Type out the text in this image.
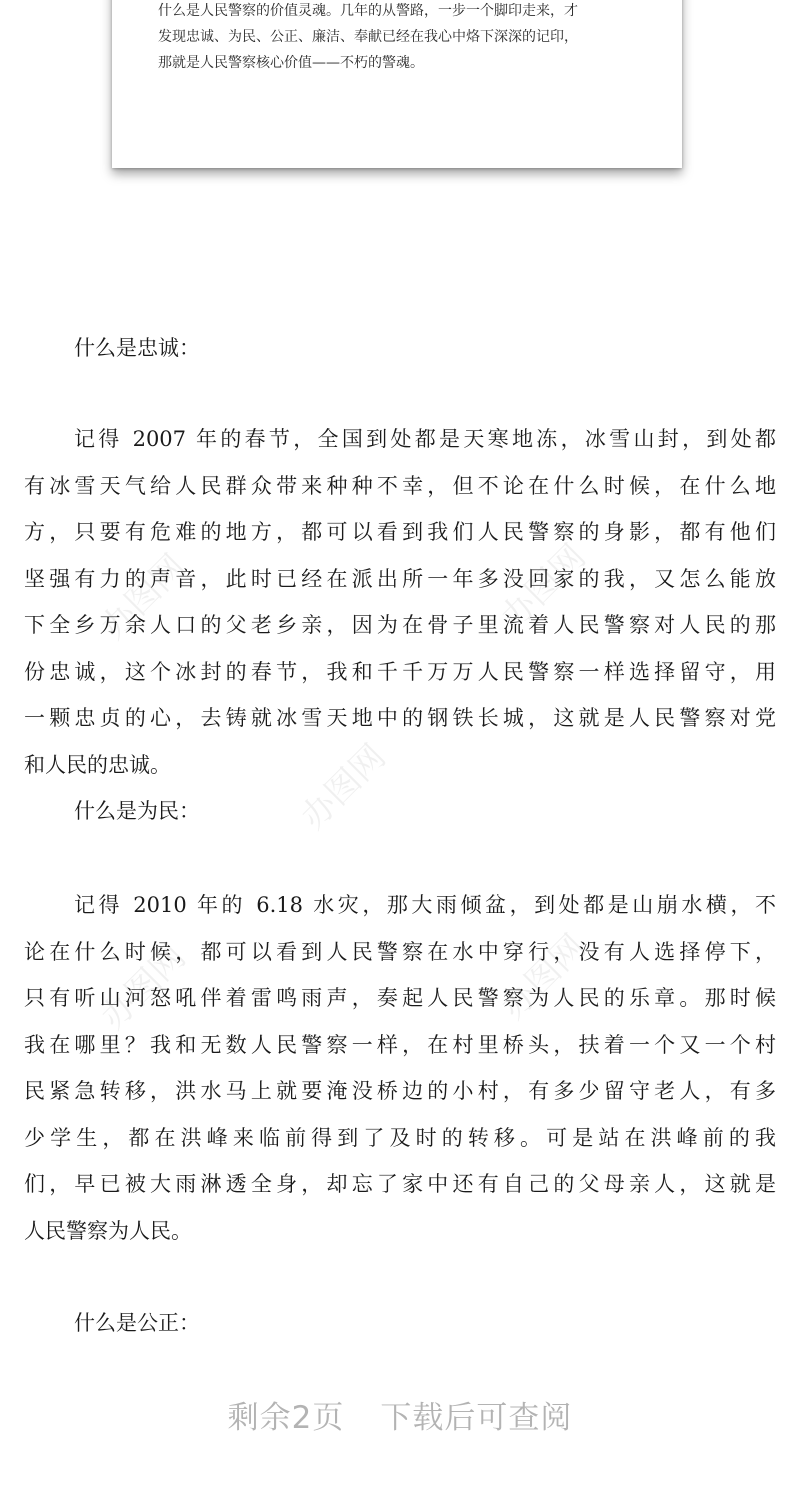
什么是人民警察的价值灵魂。几年的从警路，一步一个脚印走来，才
发现忠诚、为民、公正、廉洁、奉献已经在我心中烙下深深的记印，
那就是人民警察核心价值——不朽的警魂。
办图网
办图网	办图网
办图网	办图网

什么是忠诚：

记得 2007 年的春节，全国到处都是天寒地冻，冰雪山封，到处都
有冰雪天气给人民群众带来种种不幸，但不论在什么时候，在什么地
方，只要有危难的地方，都可以看到我们人民警察的身影，都有他们
坚强有力的声音，此时已经在派出所一年多没回家的我，又怎么能放
下全乡万余人口的父老乡亲，因为在骨子里流着人民警察对人民的那
份忠诚，这个冰封的春节，我和千千万万人民警察一样选择留守，用
一颗忠贞的心，去铸就冰雪天地中的钢铁长城，这就是人民警察对党
和人民的忠诚。

什么是为民：

记得 2010 年的 6.18 水灾，那大雨倾盆，到处都是山崩水横，不
论在什么时候，都可以看到人民警察在水中穿行，没有人选择停下，
只有听山河怒吼伴着雷鸣雨声，奏起人民警察为人民的乐章。那时候
我在哪里？我和无数人民警察一样，在村里桥头，扶着一个又一个村
民紧急转移，洪水马上就要淹没桥边的小村，有多少留守老人，有多
少学生，都在洪峰来临前得到了及时的转移。可是站在洪峰前的我
们，早已被大雨淋透全身，却忘了家中还有自己的父母亲人，这就是
人民警察为人民。

什么是公正：

剩余2页 下载后可查阅
